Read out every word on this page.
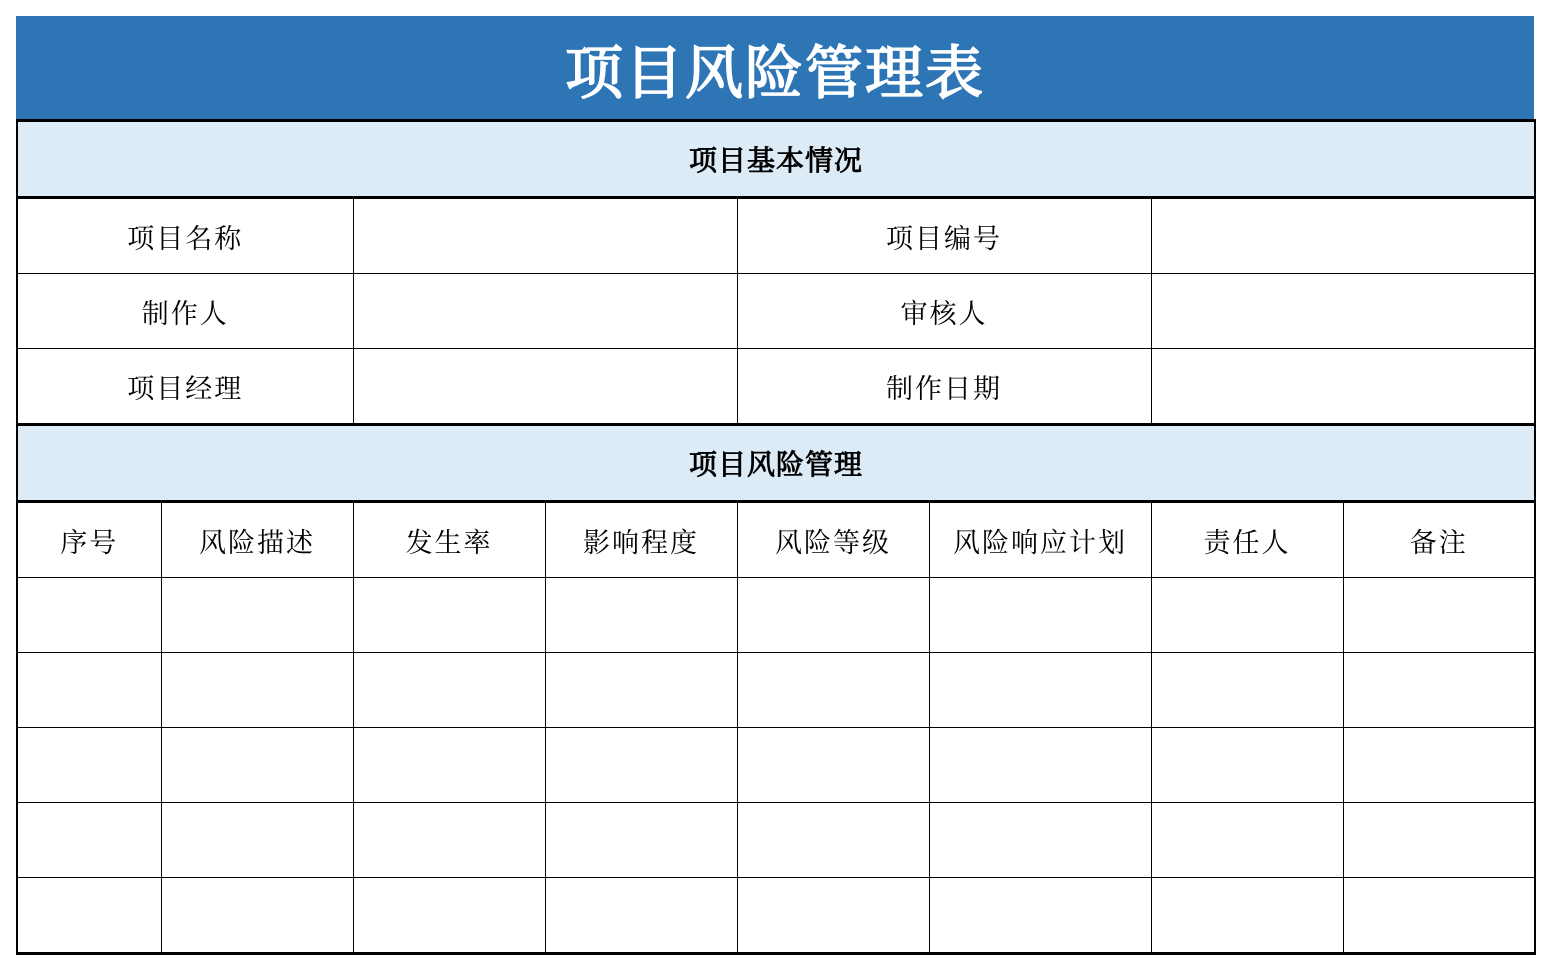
项目风险管理表
项目基本情况							
项目名称				项目编号			
制作人				审核人			
项目经理				制作日期			
项目风险管理							
序号	风险描述	发生率	影响程度	风险等级	风险响应计划	责任人	备注
